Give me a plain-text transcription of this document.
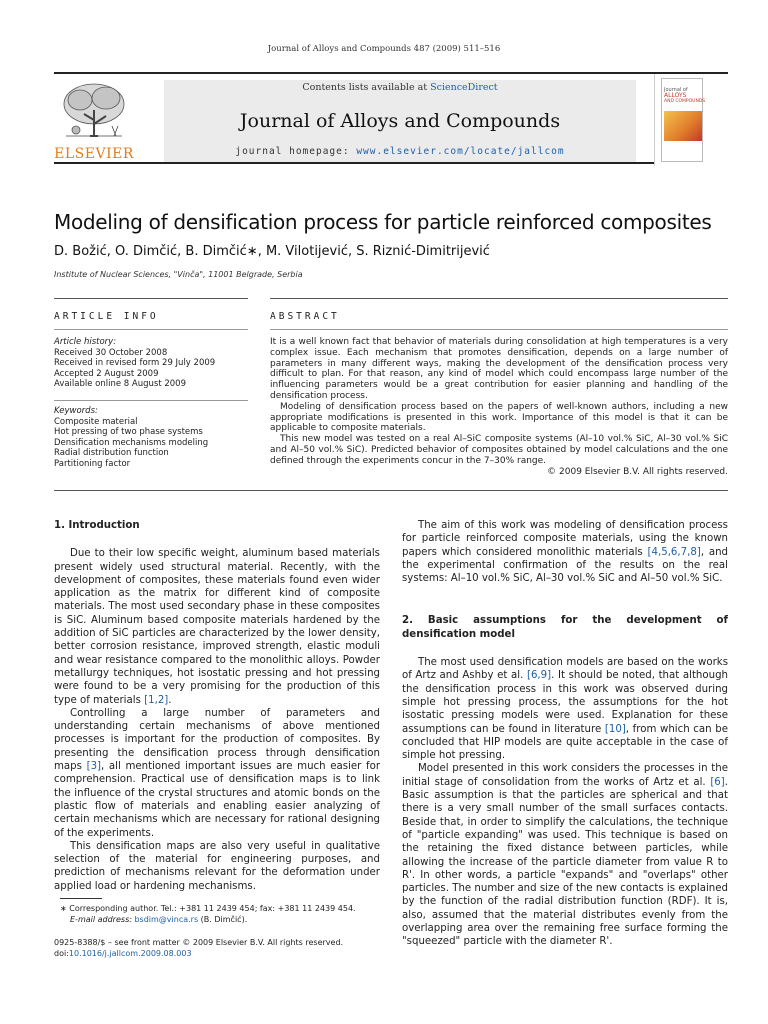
Journal of Alloys and Compounds 487 (2009) 511–516
ELSEVIER
Contents lists available at ScienceDirect
Journal of Alloys and Compounds
journal homepage: www.elsevier.com/locate/jallcom
Journal of
ALLOYS
AND COMPOUNDS
Modeling of densification process for particle reinforced composites
D. Božić, O. Dimčić, B. Dimčić∗, M. Vilotijević, S. Riznić-Dimitrijević
Institute of Nuclear Sciences, "Vinča", 11001 Belgrade, Serbia
ARTICLE INFO	ABSTRACT
Article history:
Received 30 October 2008
Received in revised form 29 July 2009
Accepted 2 August 2009
Available online 8 August 2009
Keywords:
Composite material
Hot pressing of two phase systems
Densification mechanisms modeling
Radial distribution function
Partitioning factor

It is a well known fact that behavior of materials during consolidation at high temperatures is a very complex issue. Each mechanism that promotes densification, depends on a large number of parameters in many different ways, making the development of the densification process very difficult to plan. For that reason, any kind of model which could encompass large number of the influencing parameters would be a great contribution for easier planning and handling of the densification process.

Modeling of densification process based on the papers of well-known authors, including a new appropriate modifications is presented in this work. Importance of this model is that it can be applicable to composite materials.

This new model was tested on a real Al–SiC composite systems (Al–10 vol.% SiC, Al–30 vol.% SiC and Al–50 vol.% SiC). Predicted behavior of composites obtained by model calculations and the one defined through the experiments concur in the 7–30% range.

© 2009 Elsevier B.V. All rights reserved.

1. Introduction

Due to their low specific weight, aluminum based materials present widely used structural material. Recently, with the development of composites, these materials found even wider application as the matrix for different kind of composite materials. The most used secondary phase in these composites is SiC. Aluminum based composite materials hardened by the addition of SiC particles are characterized by the lower density, better corrosion resistance, improved strength, elastic moduli and wear resistance compared to the monolithic alloys. Powder metallurgy techniques, hot isostatic pressing and hot pressing were found to be a very promising for the production of this type of materials [1,2].

Controlling a large number of parameters and understanding certain mechanisms of above mentioned processes is important for the production of composites. By presenting the densification process through densification maps [3], all mentioned important issues are much easier for comprehension. Practical use of densification maps is to link the influence of the crystal structures and atomic bonds on the plastic flow of materials and enabling easier analyzing of certain mechanisms which are necessary for rational designing of the experiments.

This densification maps are also very useful in qualitative selection of the material for engineering purposes, and prediction of mechanisms relevant for the deformation under applied load or hardening mechanisms.

∗ Corresponding author. Tel.: +381 11 2439 454; fax: +381 11 2439 454.
E-mail address: bsdim@vinca.rs (B. Dimčić).
0925-8388/$ – see front matter © 2009 Elsevier B.V. All rights reserved.
doi:10.1016/j.jallcom.2009.08.003

The aim of this work was modeling of densification process for particle reinforced composite materials, using the known papers which considered monolithic materials [4,5,6,7,8], and the experimental confirmation of the results on the real systems: Al–10 vol.% SiC, Al–30 vol.% SiC and Al–50 vol.% SiC.

2. Basic assumptions for the development of densification model

The most used densification models are based on the works of Artz and Ashby et al. [6,9]. It should be noted, that although the densification process in this work was observed during simple hot pressing process, the assumptions for the hot isostatic pressing models were used. Explanation for these assumptions can be found in literature [10], from which can be concluded that HIP models are quite acceptable in the case of simple hot pressing.

Model presented in this work considers the processes in the initial stage of consolidation from the works of Artz et al. [6]. Basic assumption is that the particles are spherical and that there is a very small number of the small surfaces contacts. Beside that, in order to simplify the calculations, the technique of "particle expanding" was used. This technique is based on the retaining the fixed distance between particles, while allowing the increase of the particle diameter from value R to R'. In other words, a particle "expands" and "overlaps" other particles. The number and size of the new contacts is explained by the function of the radial distribution function (RDF). It is, also, assumed that the material distributes evenly from the overlapping area over the remaining free surface forming the "squeezed" particle with the diameter R'.
